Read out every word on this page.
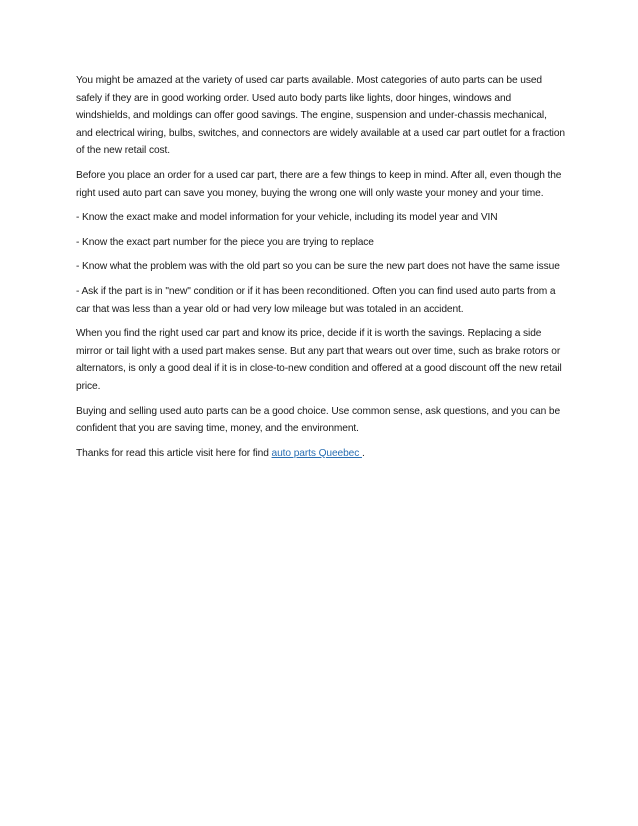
You might be amazed at the variety of used car parts available. Most categories of auto parts can be used safely if they are in good working order. Used auto body parts like lights, door hinges, windows and windshields, and moldings can offer good savings. The engine, suspension and under-chassis mechanical, and electrical wiring, bulbs, switches, and connectors are widely available at a used car part outlet for a fraction of the new retail cost.

Before you place an order for a used car part, there are a few things to keep in mind. After all, even though the right used auto part can save you money, buying the wrong one will only waste your money and your time.

- Know the exact make and model information for your vehicle, including its model year and VIN

- Know the exact part number for the piece you are trying to replace

- Know what the problem was with the old part so you can be sure the new part does not have the same issue

- Ask if the part is in "new" condition or if it has been reconditioned. Often you can find used auto parts from a car that was less than a year old or had very low mileage but was totaled in an accident.

When you find the right used car part and know its price, decide if it is worth the savings. Replacing a side mirror or tail light with a used part makes sense. But any part that wears out over time, such as brake rotors or alternators, is only a good deal if it is in close-to-new condition and offered at a good discount off the new retail price.

Buying and selling used auto parts can be a good choice. Use common sense, ask questions, and you can be confident that you are saving time, money, and the environment.

Thanks for read this article visit here for find auto parts Queebec .
